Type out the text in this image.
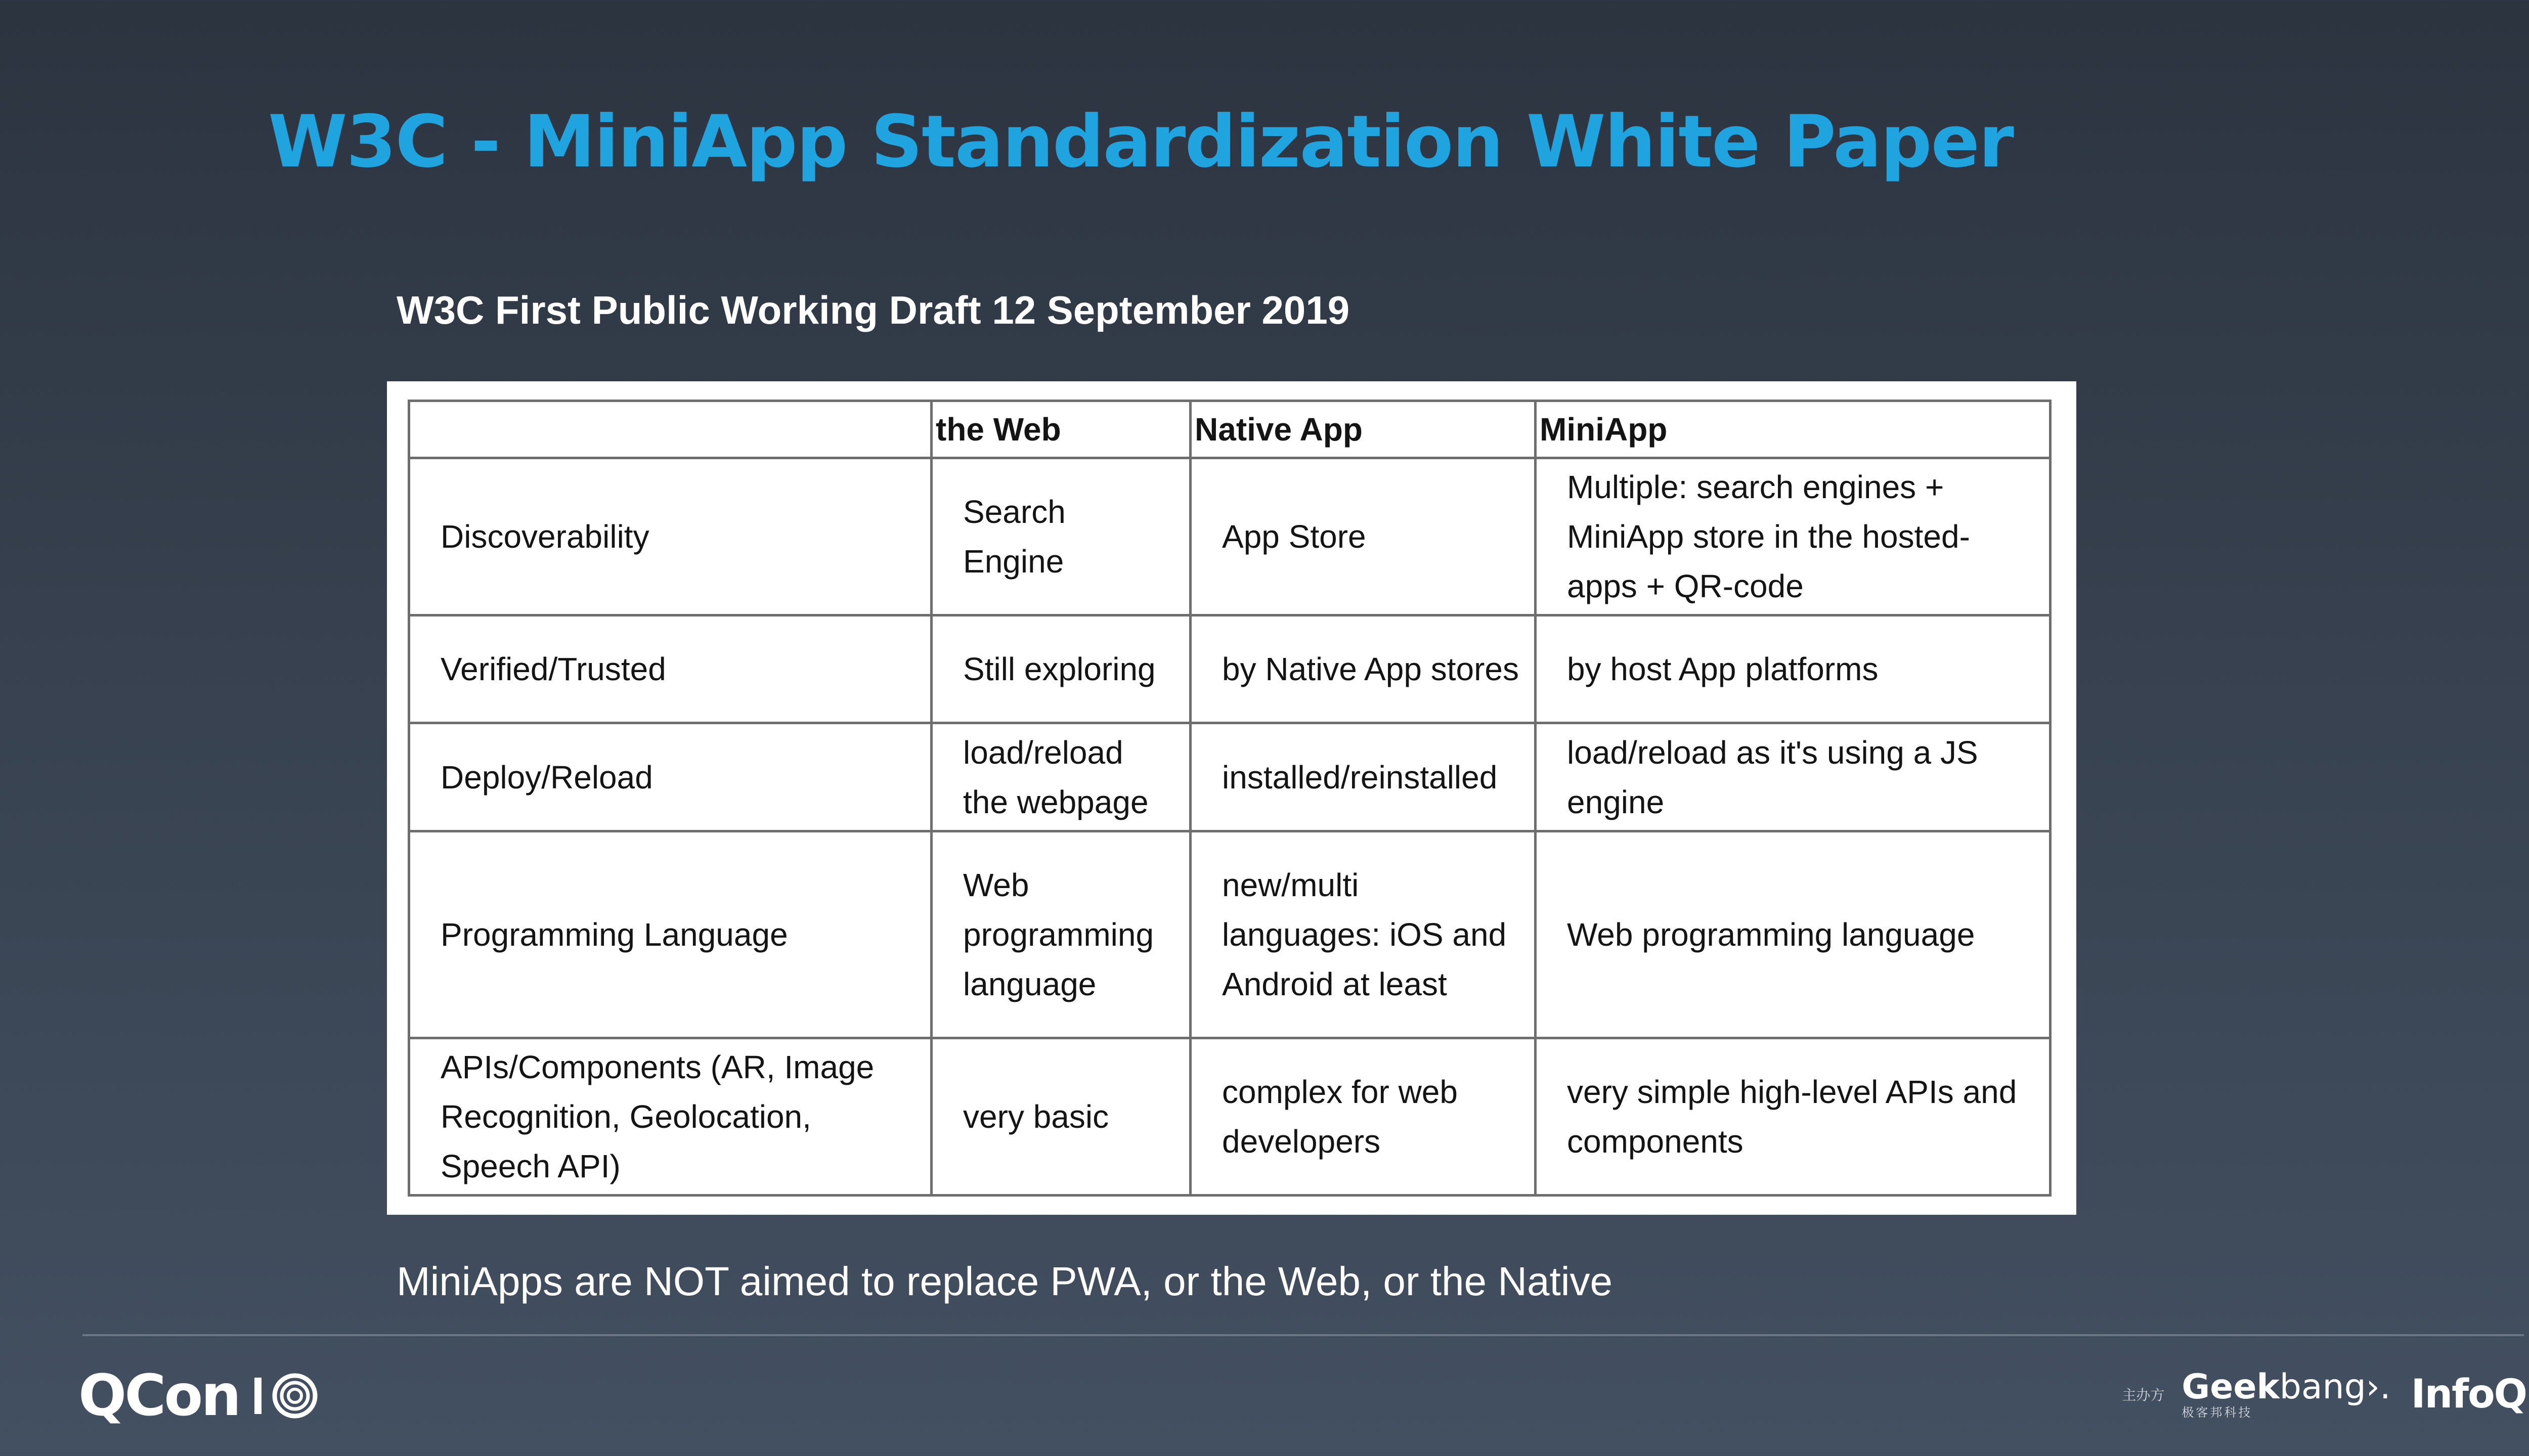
W3C - MiniApp Standardization White Paper
W3C First Public Working Draft 12 September 2019
	the Web	Native App	MiniApp
Discoverability	Search Engine	App Store	Multiple: search engines + MiniApp store in the hosted-apps + QR-code
Verified/Trusted	Still exploring	by Native App stores	by host App platforms
Deploy/Reload	load/reload the webpage	installed/reinstalled	load/reload as it's using a JS engine
Programming Language	Web programming language	new/multi languages: iOS and Android at least	Web programming language
APIs/Components (AR, Image Recognition, Geolocation, Speech API)	very basic	complex for web developers	very simple high-level APIs and components

MiniApps are NOT aimed to replace PWA, or the Web, or the Native

QCon	主办方 Geekbang›.
极客邦科技	InfoQ
